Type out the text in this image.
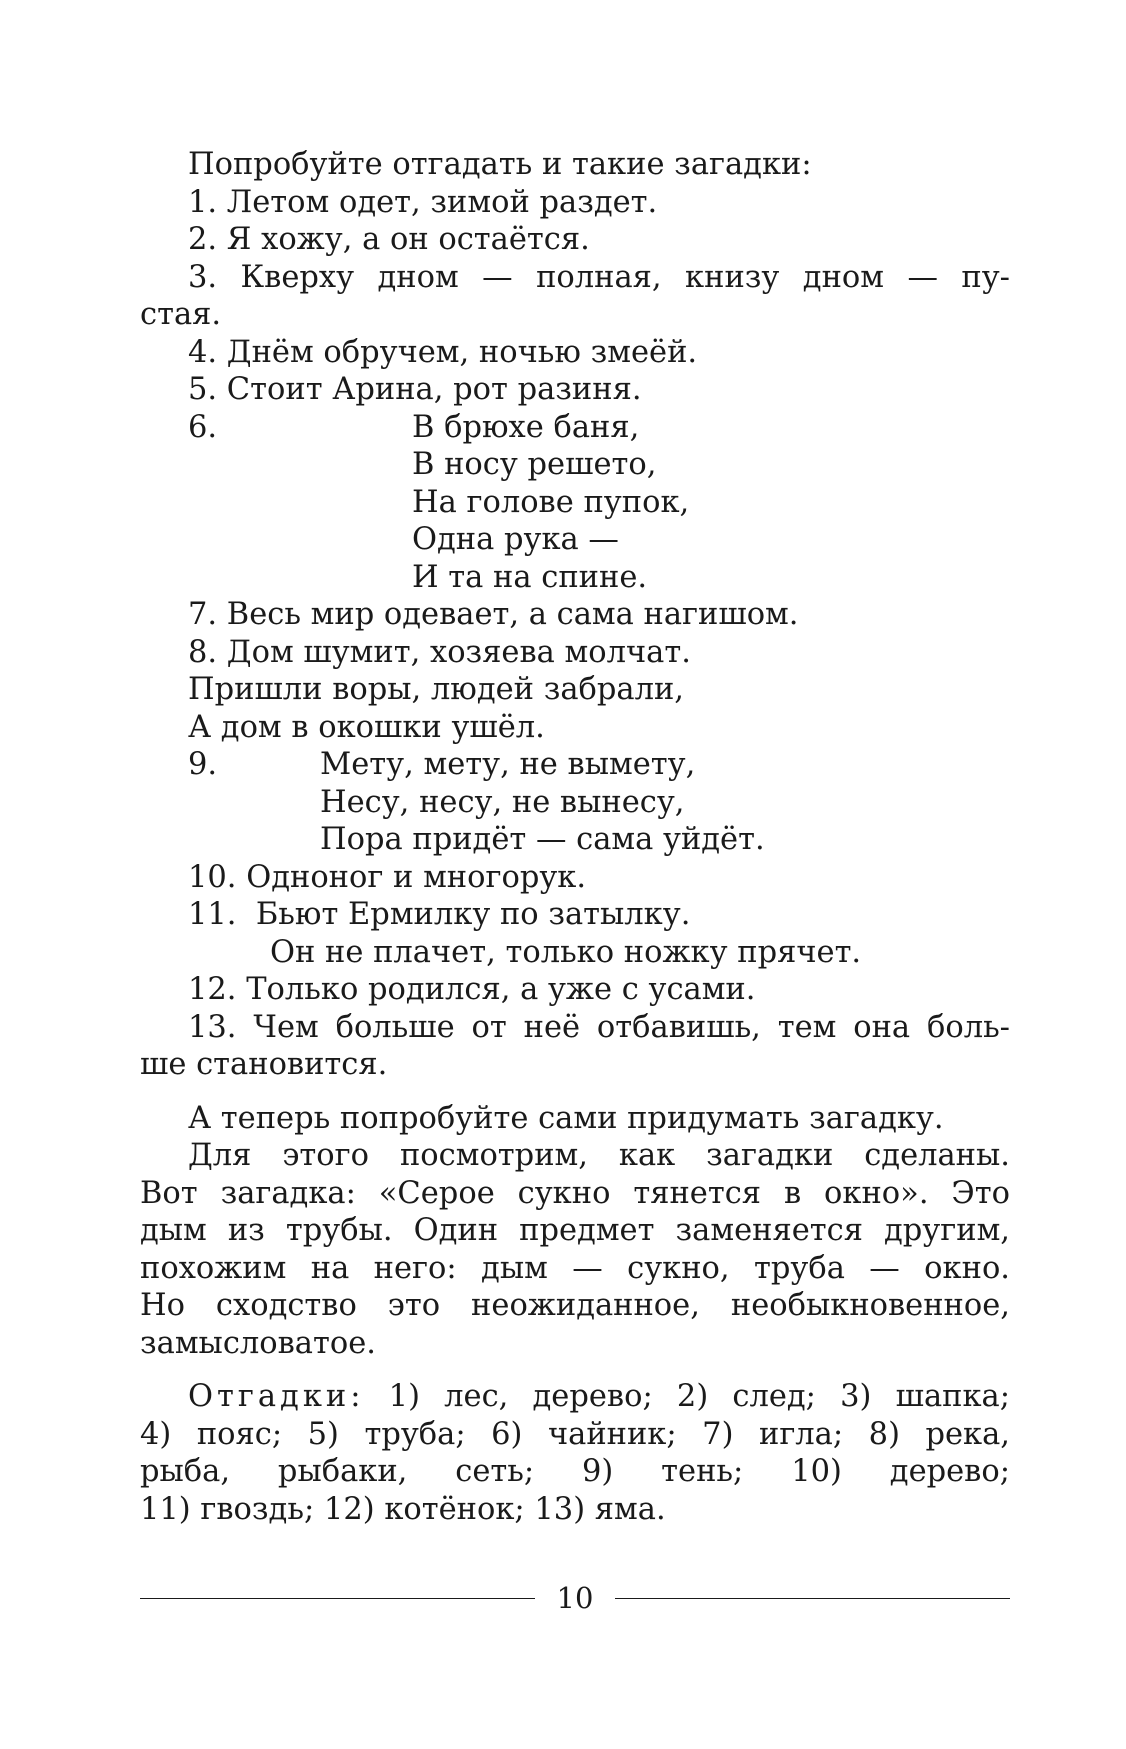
Попробуйте отгадать и такие загадки:
1. Летом одет, зимой раздет.
2. Я хожу, а он остаётся.
3. Кверху дном — полная, книзу дном — пу-
стая.
4. Днём обручем, ночью змеёй.
5. Стоит Арина, рот разиня.
6.	В брюхе баня,
В носу решето,
На голове пупок,
Одна рука —
И та на спине.
7. Весь мир одевает, а сама нагишом.
8. Дом шумит, хозяева молчат.
Пришли воры, людей забрали,
А дом в окошки ушёл.
9.	Мету, мету, не вымету,
Несу, несу, не вынесу,
Пора придёт — сама уйдёт.
10. Одноног и многорук.
11.  Бьют Ермилку по затылку.
Он не плачет, только ножку прячет.
12. Только родился, а уже с усами.
13. Чем больше от неё отбавишь, тем она боль-
ше становится.
А теперь попробуйте сами придумать загадку.
Для этого посмотрим, как загадки сделаны.
Вот загадка: «Серое сукно тянется в окно». Это
дым из трубы. Один предмет заменяется другим,
похожим на него: дым — сукно, труба — окно.
Но сходство это неожиданное, необыкновенное,
замысловатое.
Отгадки: 1) лес, дерево; 2) след; 3) шапка;
4) пояс; 5) труба; 6) чайник; 7) игла; 8) река,
рыба, рыбаки, сеть; 9) тень; 10) дерево;
11) гвоздь; 12) котёнок; 13) яма.
10
